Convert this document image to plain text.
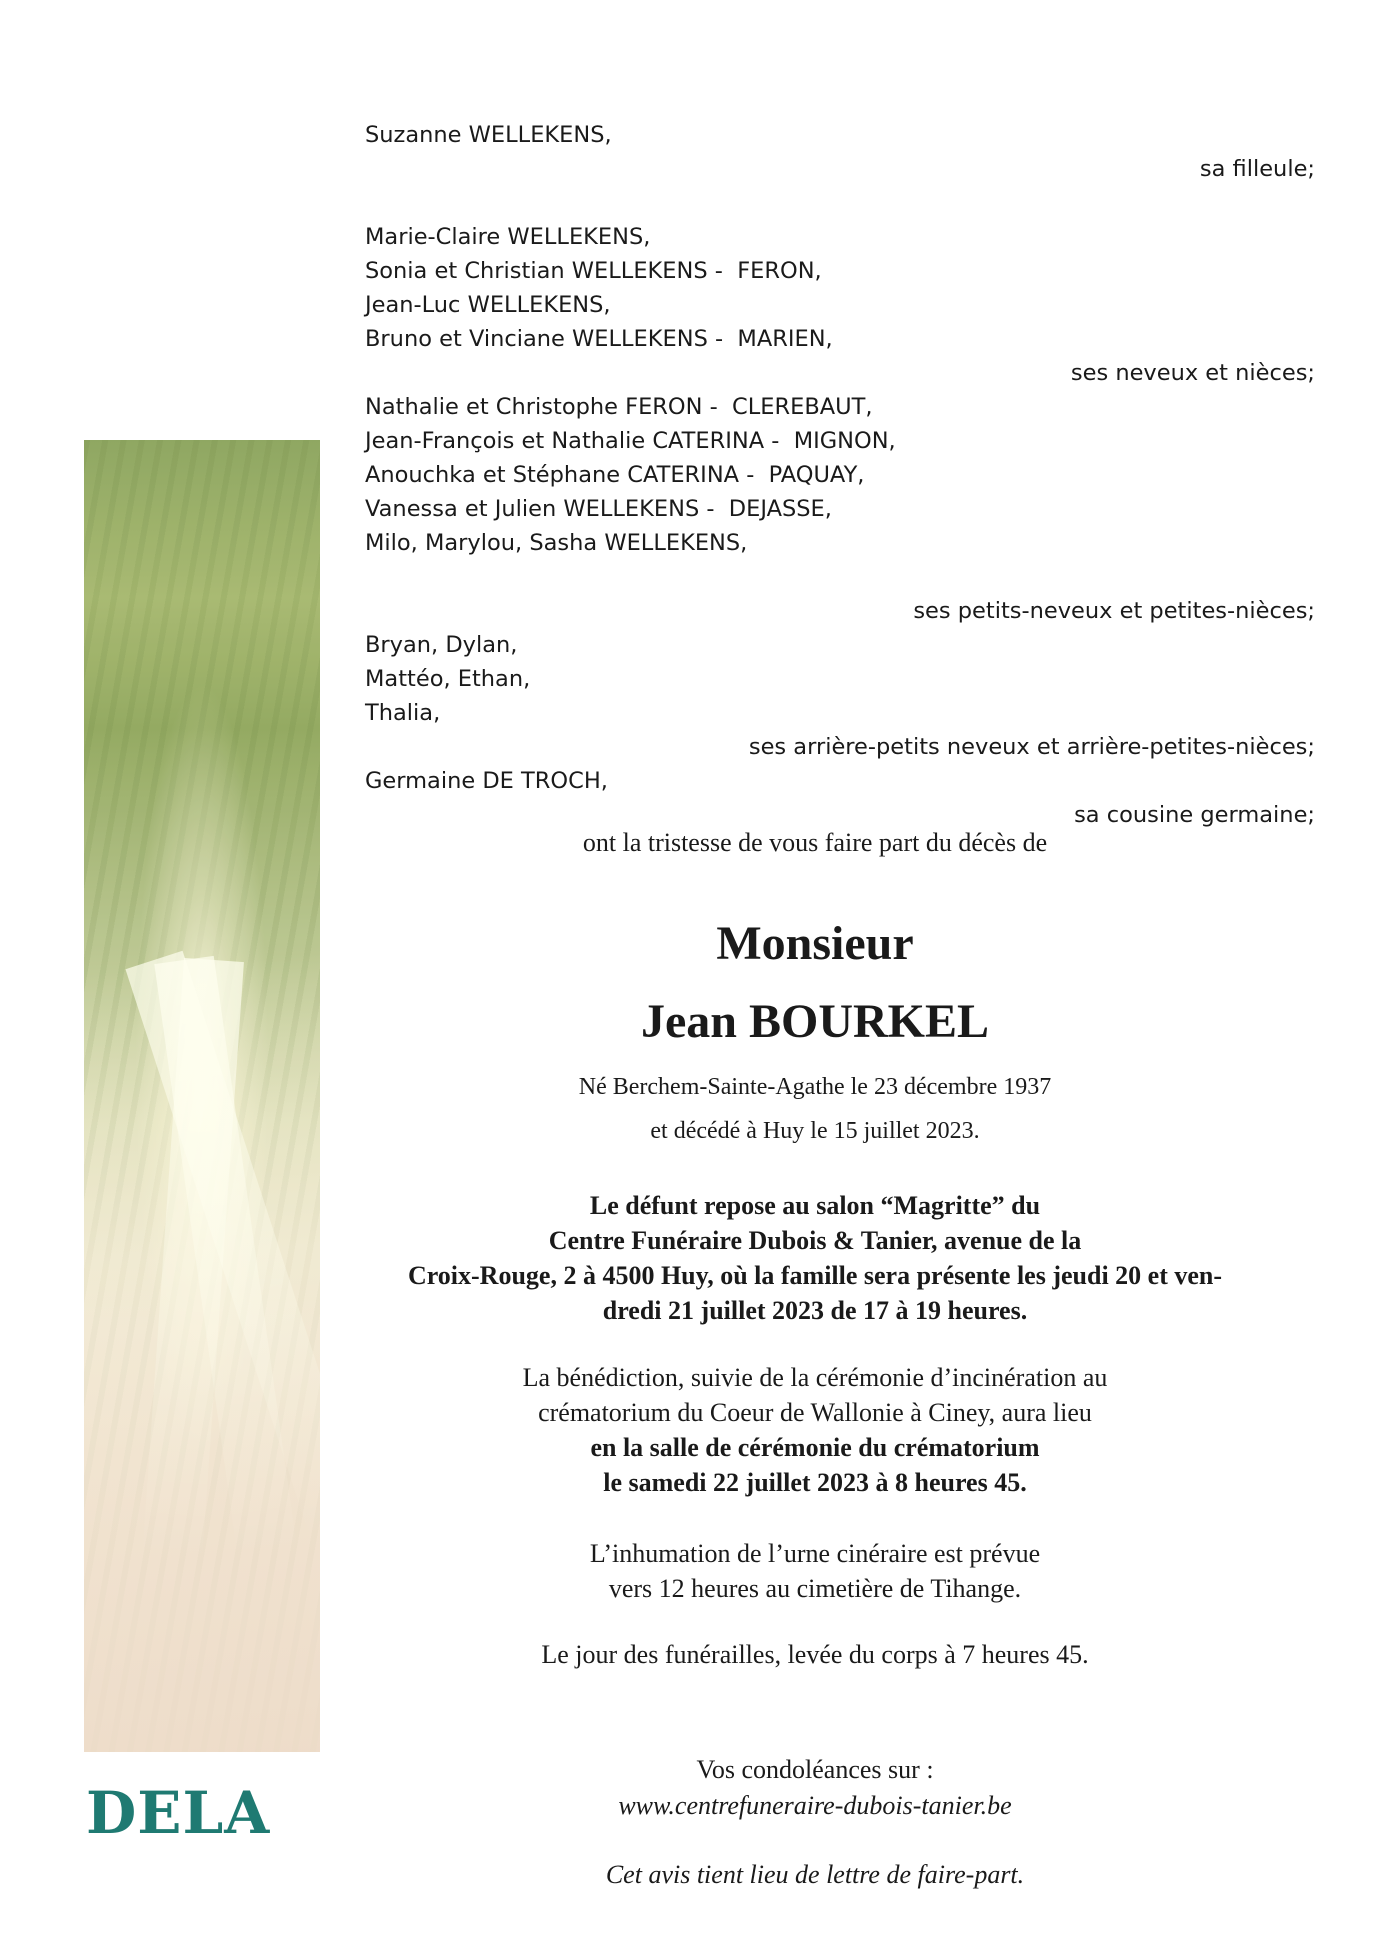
DELA
Suzanne WELLEKENS,
sa filleule;
Marie-Claire WELLEKENS,
Sonia et Christian WELLEKENS -  FERON,
Jean-Luc WELLEKENS,
Bruno et Vinciane WELLEKENS -  MARIEN,
ses neveux et nièces;
Nathalie et Christophe FERON -  CLEREBAUT,
Jean-François et Nathalie CATERINA -  MIGNON,
Anouchka et Stéphane CATERINA -  PAQUAY,
Vanessa et Julien WELLEKENS -  DEJASSE,
Milo, Marylou, Sasha WELLEKENS,
ses petits-neveux et petites-nièces;
Bryan, Dylan,
Mattéo, Ethan,
Thalia,
ses arrière-petits neveux et arrière-petites-nièces;
Germaine DE TROCH,
sa cousine germaine;
ont la tristesse de vous faire part du décès de
Monsieur
Jean BOURKEL
Né Berchem-Sainte-Agathe le 23 décembre 1937
et décédé à Huy le 15 juillet 2023.
Le défunt repose au salon “Magritte” du
Centre Funéraire Dubois & Tanier, avenue de la
Croix-Rouge, 2 à 4500 Huy, où la famille sera présente les jeudi 20 et ven-
dredi 21 juillet 2023 de 17 à 19 heures.
La bénédiction, suivie de la cérémonie d’incinération au
crématorium du Coeur de Wallonie à Ciney, aura lieu
en la salle de cérémonie du crématorium
le samedi 22 juillet 2023 à 8 heures 45.
L’inhumation de l’urne cinéraire est prévue
vers 12 heures au cimetière de Tihange.
Le jour des funérailles, levée du corps à 7 heures 45.
Vos condoléances sur :
www.centrefuneraire-dubois-tanier.be
Cet avis tient lieu de lettre de faire-part.
